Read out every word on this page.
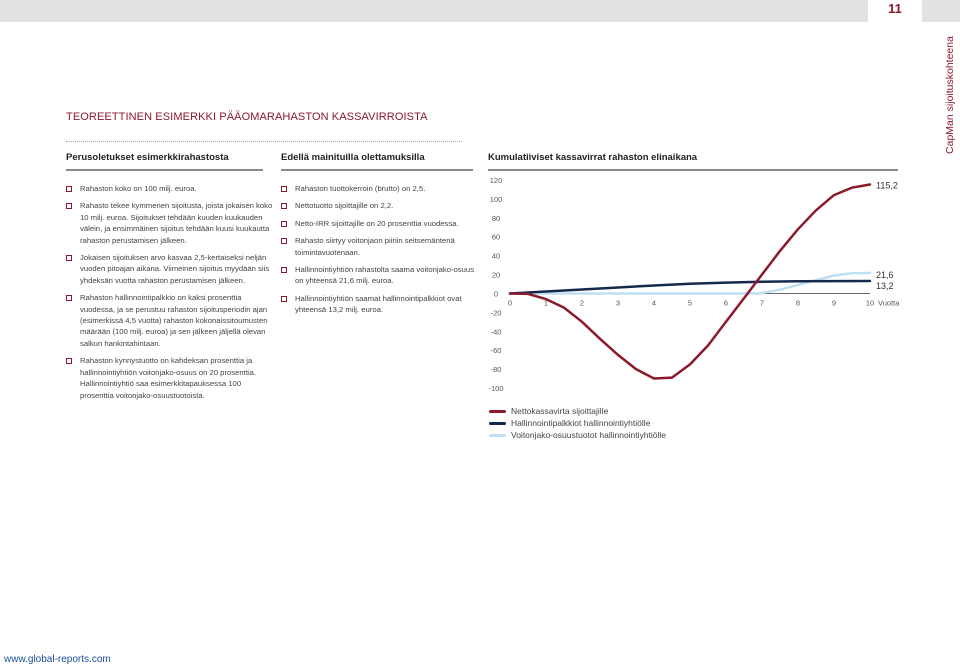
11
CapMan sijoituskohteena
TEOREETTINEN ESIMERKKI PÄÄOMARAHASTON KASSAVIRROISTA
Perusoletukset esimerkkirahastosta	Edellä mainituilla olettamuksilla	Kumulatiiviset kassavirrat rahaston elinaikana
Rahaston koko on 100 milj. euroa.
Rahasto tekee kymmenen sijoitusta, joista jokaisen koko 10 milj. euroa. Sijoitukset tehdään kuuden kuukauden välein, ja ensimmäinen sijoitus tehdään kuusi kuukautta rahaston perustamisen jälkeen.
Jokaisen sijoituksen arvo kasvaa 2,5-kertaiseksi neljän vuoden pitoajan aikana. Viimeinen sijoitus myydään siis yhdeksän vuotta rahaston perustamisen jälkeen.
Rahaston hallinnointipalkkio on kaksi prosenttia vuodessa, ja se perustuu rahaston sijoitusperiodin ajan (esimerkissä 4,5 vuotta) rahaston kokonaissitoumusten määrään (100 milj. euroa) ja sen jälkeen jäljellä olevan salkun hankintahintaan.
Rahaston kynnystuotto on kahdeksan prosenttia ja hallinnointiyhtiön voitonjako-osuus on 20 prosenttia. Hallinnointiyhtiö saa esimerkkitapauksessa 100 prosenttia voitonjako-osuustuotoista.
Rahaston tuottokerroin (brutto) on 2,5.
Nettotuotto sijoittajille on 2,2.
Netto-IRR sijoittajille on 20 prosenttia vuodessa.
Rahasto siirtyy voitonjaon piiriin seitsemäntenä toimintavuotenaan.
Hallinnointiyhtiön rahastolta saama voitonjako-osuus on yhteensä 21,6 milj. euroa.
Hallinnointiyhtiön saamat hallinnointipalkkiot ovat yhteensä 13,2 milj. euroa.
120
100
80
60
40
20
0
-20
-40
-60
-80
-100
0	1	2	3	4	5	6	7	8	9	10 Vuotta
115,2
21,6
13,2
Nettokassavirta sijoittajille
Hallinnointipalkkiot hallinnointiyhtiölle
Voitonjako-osuustuotot hallinnointiyhtiölle
www.global-reports.com
